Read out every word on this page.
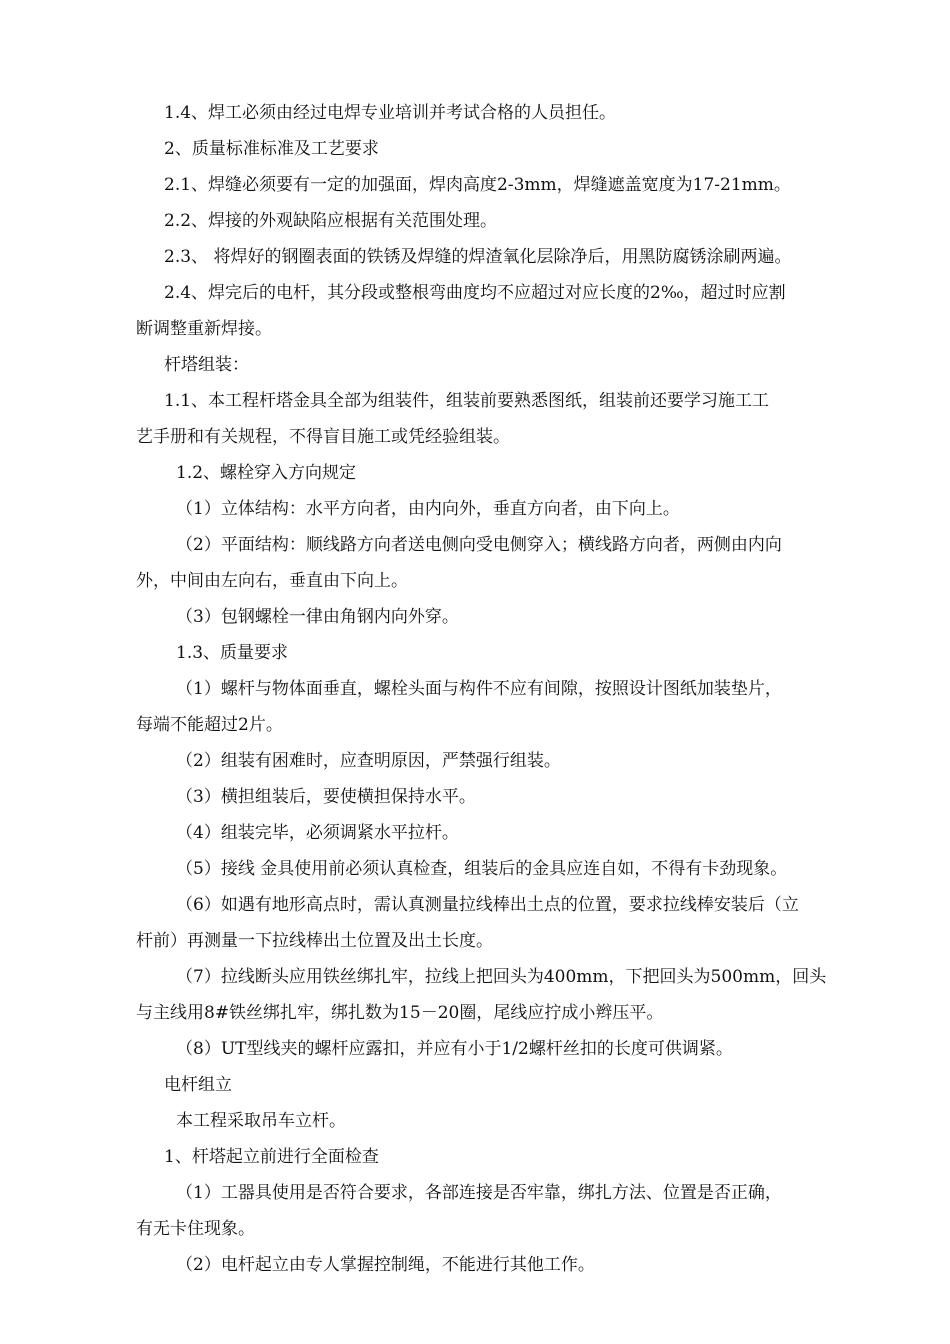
1.4、焊工必须由经过电焊专业培训并考试合格的人员担任。
2、质量标准标准及工艺要求
2.1、焊缝必须要有一定的加强面，焊肉高度2-3mm，焊缝遮盖宽度为17-21mm。
2.2、焊接的外观缺陷应根据有关范围处理。
2.3、 将焊好的钢圈表面的铁锈及焊缝的焊渣氧化层除净后，用黑防腐锈涂刷两遍。
2.4、焊完后的电杆，其分段或整根弯曲度均不应超过对应长度的2‰，超过时应割
断调整重新焊接。
杆塔组装：
1.1、本工程杆塔金具全部为组装件，组装前要熟悉图纸，组装前还要学习施工工
艺手册和有关规程，不得盲目施工或凭经验组装。
1.2、螺栓穿入方向规定
（1）立体结构：水平方向者，由内向外，垂直方向者，由下向上。
（2）平面结构：顺线路方向者送电侧向受电侧穿入；横线路方向者，两侧由内向
外，中间由左向右，垂直由下向上。
（3）包钢螺栓一律由角钢内向外穿。
1.3、质量要求
（1）螺杆与物体面垂直，螺栓头面与构件不应有间隙，按照设计图纸加装垫片，
每端不能超过2片。
（2）组装有困难时，应查明原因，严禁强行组装。
（3）横担组装后，要使横担保持水平。
（4）组装完毕，必须调紧水平拉杆。
（5）接线 金具使用前必须认真检查，组装后的金具应连自如，不得有卡劲现象。
（6）如遇有地形高点时，需认真测量拉线棒出土点的位置，要求拉线棒安装后（立
杆前）再测量一下拉线棒出土位置及出土长度。
（7）拉线断头应用铁丝绑扎牢，拉线上把回头为400mm，下把回头为500mm，回头
与主线用8#铁丝绑扎牢，绑扎数为15－20圈，尾线应拧成小辫压平。
（8）UT型线夹的螺杆应露扣，并应有小于1/2螺杆丝扣的长度可供调紧。
电杆组立
本工程采取吊车立杆。
1、杆塔起立前进行全面检查
（1）工器具使用是否符合要求，各部连接是否牢靠，绑扎方法、位置是否正确，
有无卡住现象。
（2）电杆起立由专人掌握控制绳，不能进行其他工作。
